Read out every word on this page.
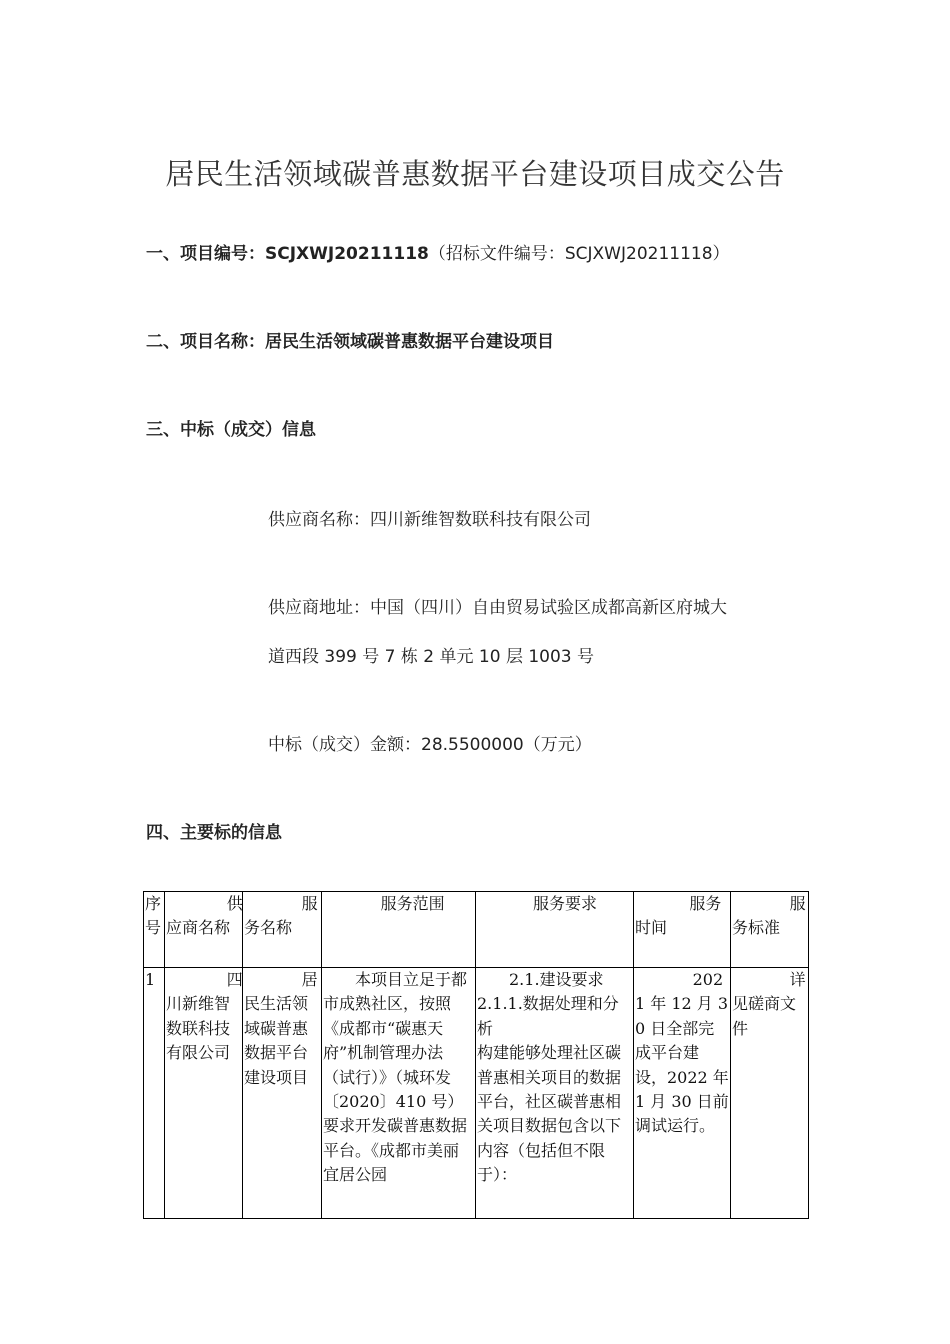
居民生活领域碳普惠数据平台建设项目成交公告
一、项目编号：SCJXWJ20211118（招标文件编号：SCJXWJ20211118）
二、项目名称：居民生活领域碳普惠数据平台建设项目
三、中标（成交）信息
供应商名称：四川新维智数联科技有限公司
供应商地址：中国（四川）自由贸易试验区成都高新区府城大
道西段 399 号 7 栋 2 单元 10 层 1003 号
中标（成交）金额：28.5500000（万元）
四、主要标的信息
序号	供应商名称	服务名称	服务范围	服务要求	服务时间	服务标准
1	四川新维智数联科技有限公司	居民生活领域碳普惠数据平台建设项目	本项目立足于都市成熟社区，按照《成都市“碳惠天府”机制管理办法（试行）》（城环发〔2020〕410 号）要求开发碳普惠数据平台。《成都市美丽宜居公园	2.1.建设要求
2.1.1.数据处理和分析
构建能够处理社区碳普惠相关项目的数据平台，社区碳普惠相关项目数据包含以下内容（包括但不限于）：	2021 年 12 月 30 日全部完成平台建设，2022 年 1 月 30 日前调试运行。	详见磋商文件
